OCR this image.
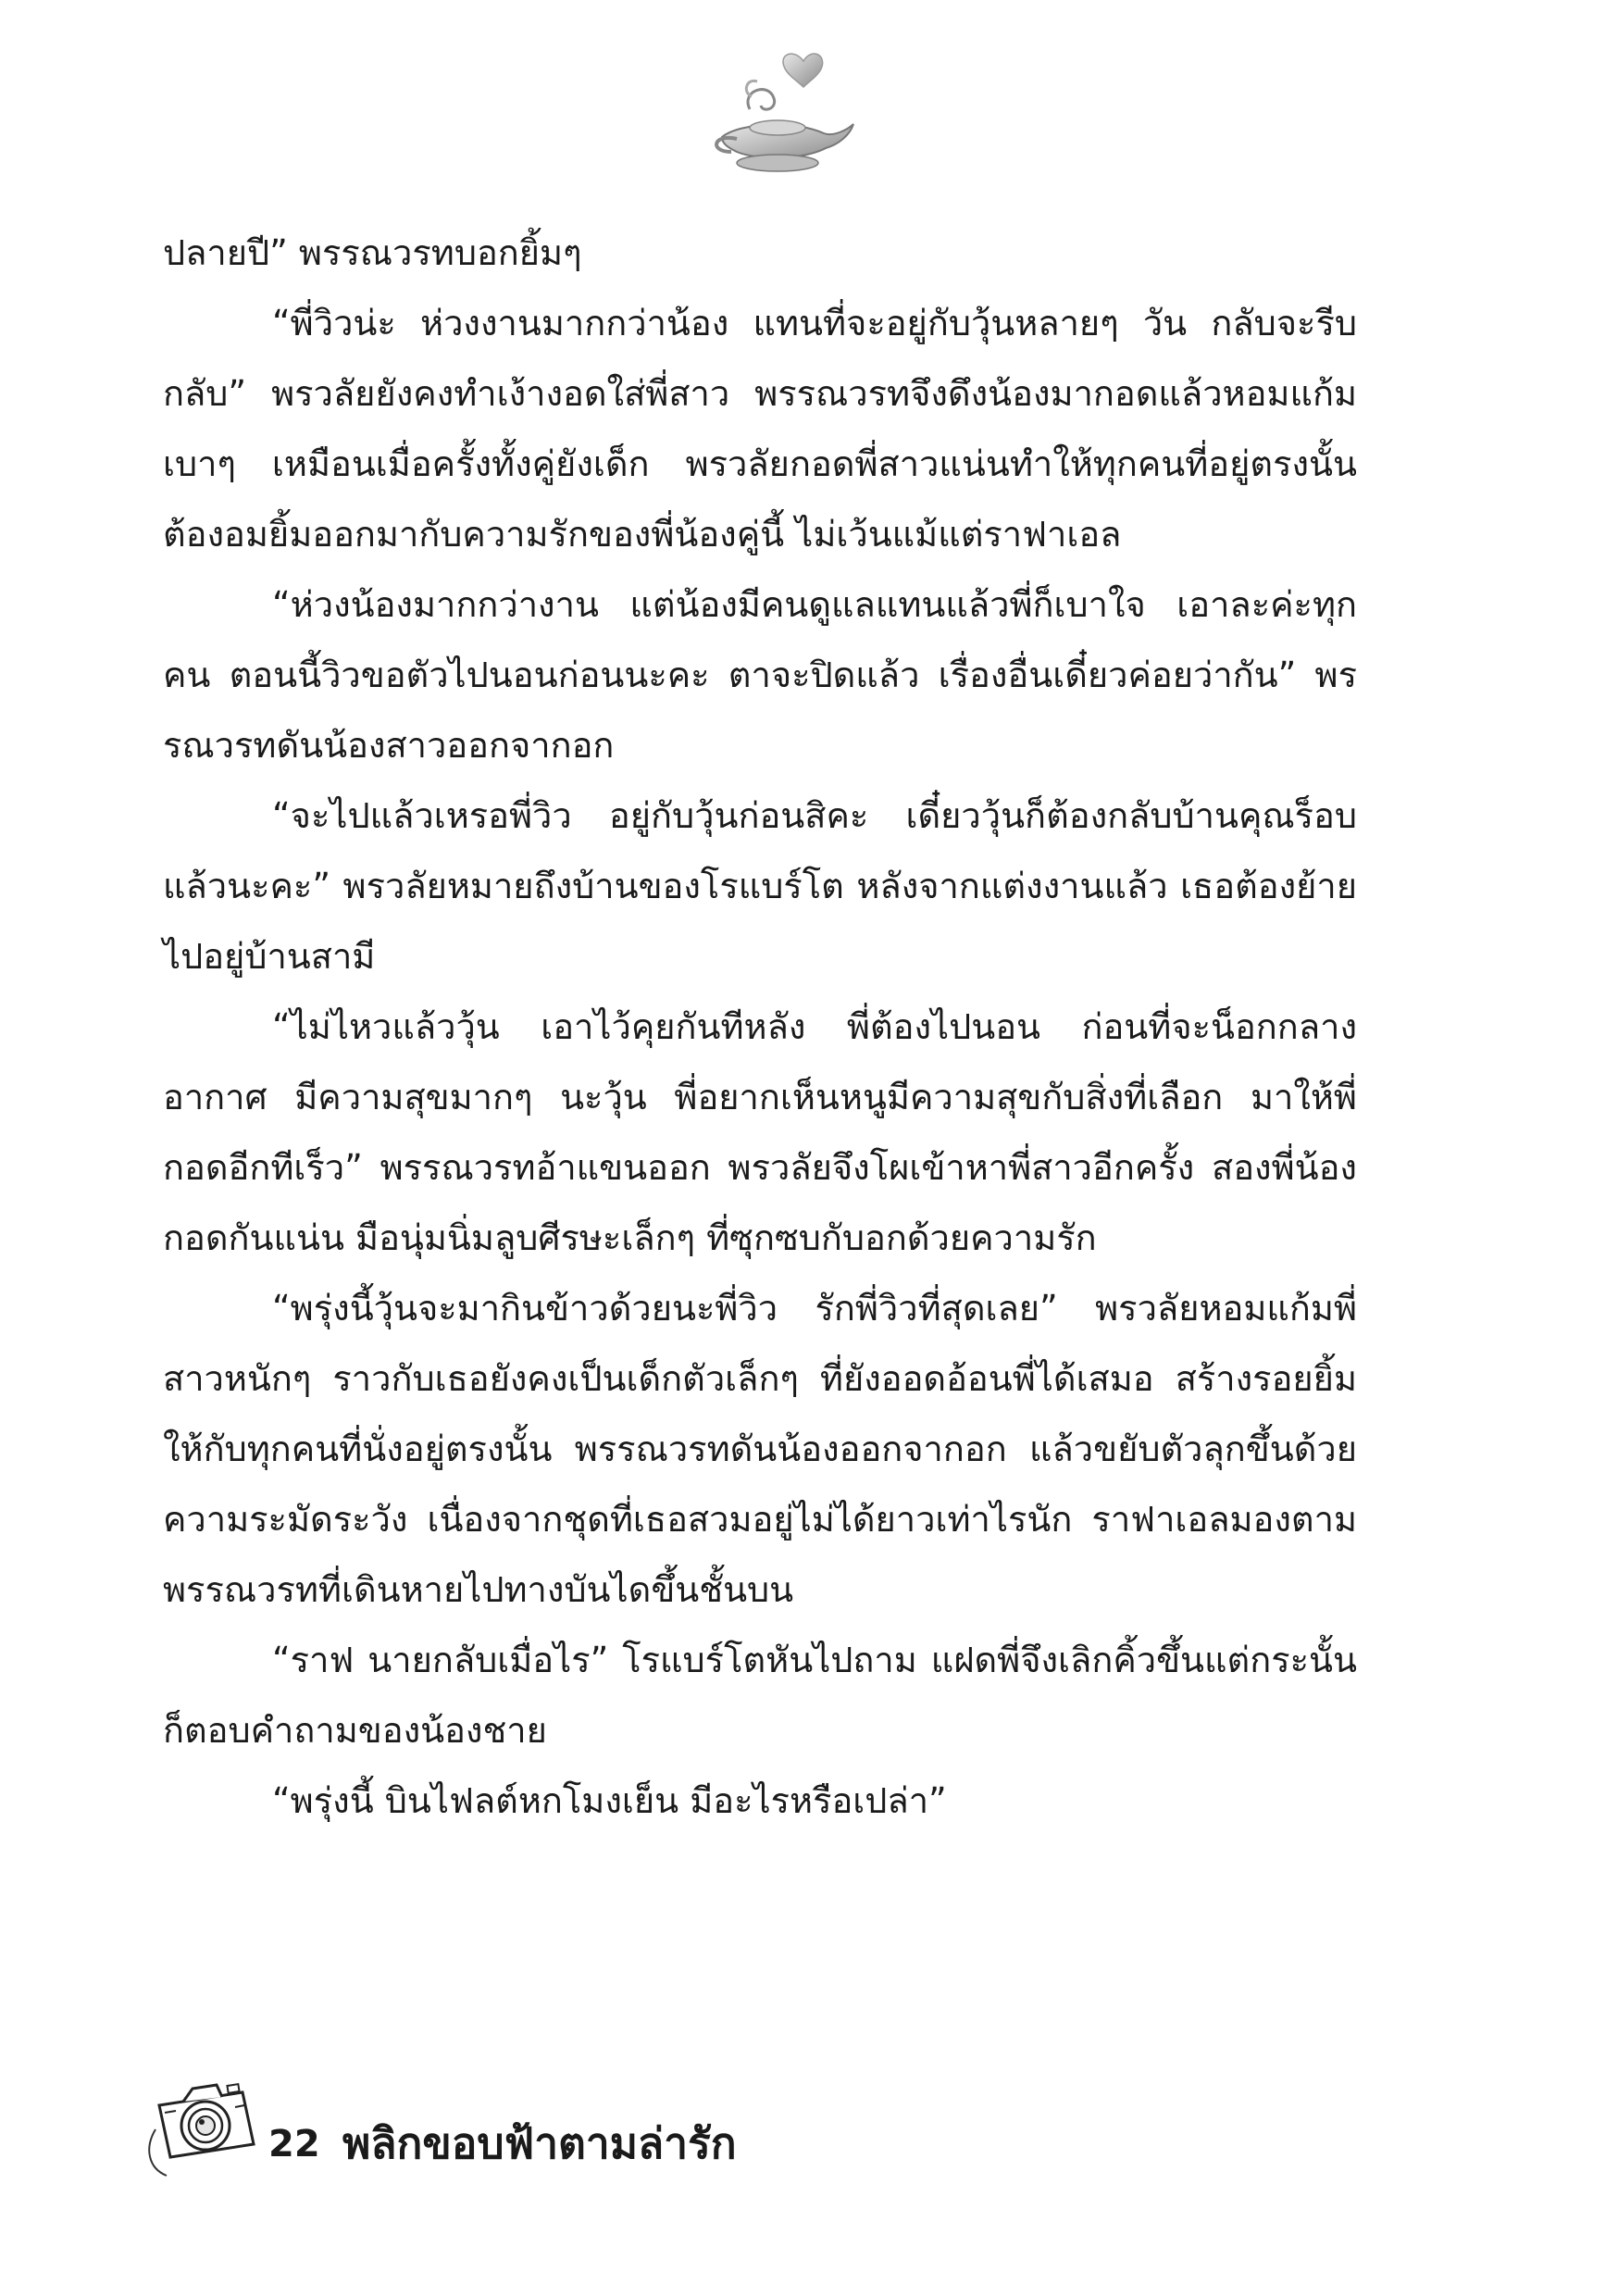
ปลายปี” พรรณวรทบอกยิ้มๆ

“พี่วิวน่ะ ห่วงงานมากกว่าน้อง แทนที่จะอยู่กับวุ้นหลายๆ วัน กลับจะรีบกลับ” พรวลัยยังคงทำเง้างอดใส่พี่สาว พรรณวรทจึงดึงน้องมากอดแล้วหอมแก้มเบาๆ เหมือนเมื่อครั้งทั้งคู่ยังเด็ก พรวลัยกอดพี่สาวแน่นทำให้ทุกคนที่อยู่ตรงนั้นต้องอมยิ้มออกมากับความรักของพี่น้องคู่นี้ ไม่เว้นแม้แต่ราฟาเอล

“ห่วงน้องมากกว่างาน แต่น้องมีคนดูแลแทนแล้วพี่ก็เบาใจ เอาละค่ะทุกคน ตอนนี้วิวขอตัวไปนอนก่อนนะคะ ตาจะปิดแล้ว เรื่องอื่นเดี๋ยวค่อยว่ากัน” พรรณวรทดันน้องสาวออกจากอก

“จะไปแล้วเหรอพี่วิว อยู่กับวุ้นก่อนสิคะ เดี๋ยววุ้นก็ต้องกลับบ้านคุณร็อบแล้วนะคะ” พรวลัยหมายถึงบ้านของโรแบร์โต หลังจากแต่งงานแล้ว เธอต้องย้ายไปอยู่บ้านสามี

“ไม่ไหวแล้ววุ้น เอาไว้คุยกันทีหลัง พี่ต้องไปนอน ก่อนที่จะน็อกกลางอากาศ มีความสุขมากๆ นะวุ้น พี่อยากเห็นหนูมีความสุขกับสิ่งที่เลือก มาให้พี่กอดอีกทีเร็ว” พรรณวรทอ้าแขนออก พรวลัยจึงโผเข้าหาพี่สาวอีกครั้ง สองพี่น้องกอดกันแน่น มือนุ่มนิ่มลูบศีรษะเล็กๆ ที่ซุกซบกับอกด้วยความรัก

“พรุ่งนี้วุ้นจะมากินข้าวด้วยนะพี่วิว รักพี่วิวที่สุดเลย” พรวลัยหอมแก้มพี่สาวหนักๆ ราวกับเธอยังคงเป็นเด็กตัวเล็กๆ ที่ยังออดอ้อนพี่ได้เสมอ สร้างรอยยิ้มให้กับทุกคนที่นั่งอยู่ตรงนั้น พรรณวรทดันน้องออกจากอก แล้วขยับตัวลุกขึ้นด้วยความระมัดระวัง เนื่องจากชุดที่เธอสวมอยู่ไม่ได้ยาวเท่าไรนัก ราฟาเอลมองตามพรรณวรทที่เดินหายไปทางบันไดขึ้นชั้นบน

“ราฟ นายกลับเมื่อไร” โรแบร์โตหันไปถาม แฝดพี่จึงเลิกคิ้วขึ้นแต่กระนั้นก็ตอบคำถามของน้องชาย

“พรุ่งนี้ บินไฟลต์หกโมงเย็น มีอะไรหรือเปล่า”

22 พลิกขอบฟ้าตามล่ารัก
